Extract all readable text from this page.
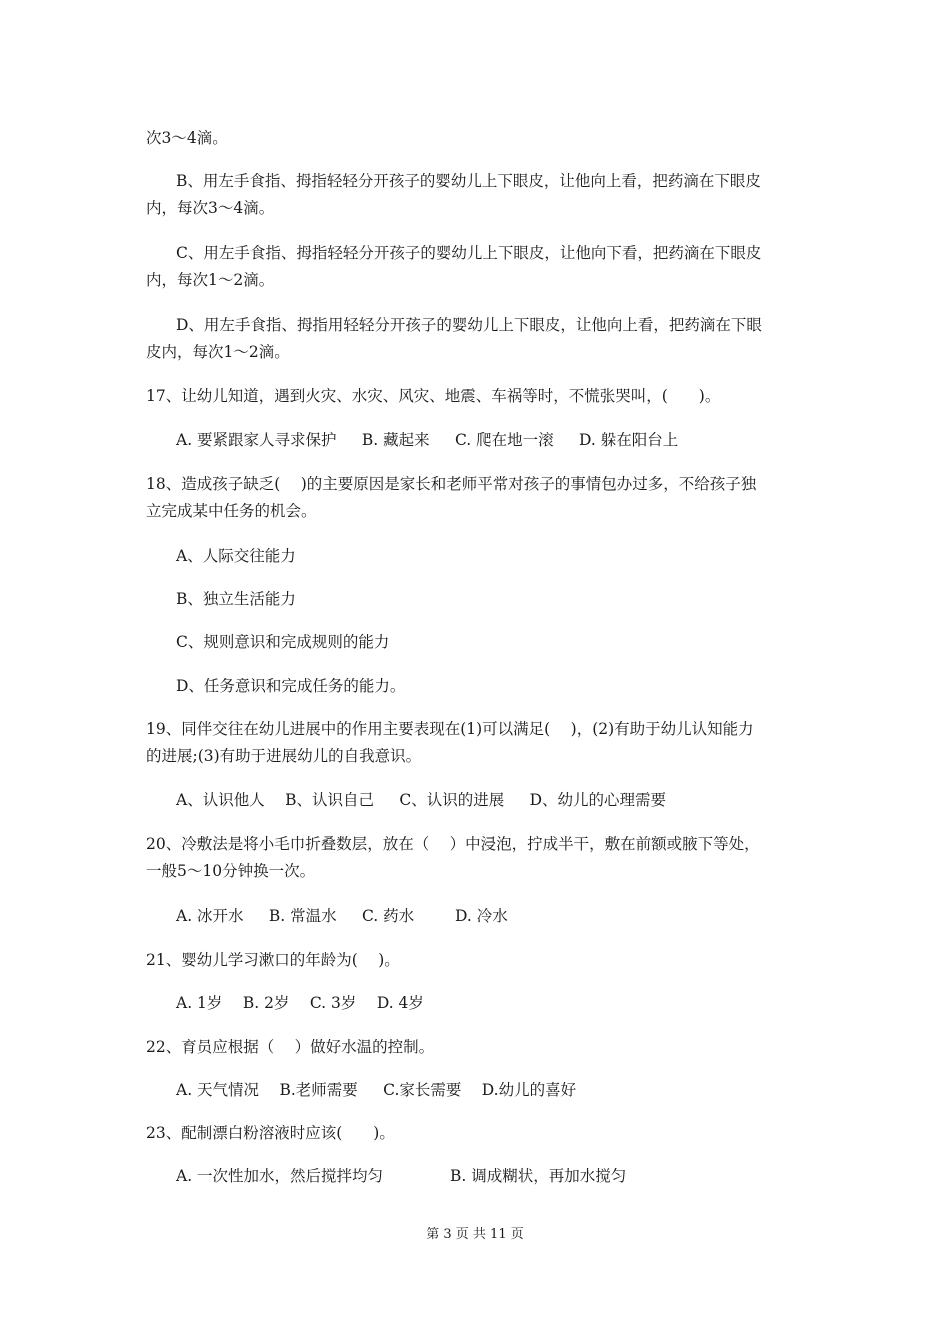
次3～4滴。

B、用左手食指、拇指轻轻分开孩子的婴幼儿上下眼皮，让他向上看，把药滴在下眼皮

内，每次3～4滴。

C、用左手食指、拇指轻轻分开孩子的婴幼儿上下眼皮，让他向下看，把药滴在下眼皮

内，每次1～2滴。

D、用左手食指、拇指用轻轻分开孩子的婴幼儿上下眼皮，让他向上看，把药滴在下眼

皮内，每次1～2滴。

17、让幼儿知道，遇到火灾、水灾、风灾、地震、车祸等时，不慌张哭叫，(　　)。

A. 要紧跟家人寻求保护　  B. 藏起来　  C. 爬在地一滚　  D. 躲在阳台上

18、造成孩子缺乏(　 )的主要原因是家长和老师平常对孩子的事情包办过多，不给孩子独

立完成某中任务的机会。

A、人际交往能力

B、独立生活能力

C、规则意识和完成规则的能力

D、任务意识和完成任务的能力。

19、同伴交往在幼儿进展中的作用主要表现在(1)可以满足(　 )，(2)有助于幼儿认知能力

的进展;(3)有助于进展幼儿的自我意识。

A、认识他人　 B、认识自己　  C、认识的进展　  D、幼儿的心理需要

20、冷敷法是将小毛巾折叠数层，放在（　 ）中浸泡，拧成半干，敷在前额或腋下等处，

一般5～10分钟换一次。

A. 冰开水　  B. 常温水　  C. 药水　　  D. 冷水

21、婴幼儿学习漱口的年龄为(　 )。

A. 1岁　 B. 2岁　 C. 3岁　 D. 4岁

22、育员应根据（　 ）做好水温的控制。

A. 天气情况　 B.老师需要　  C.家长需要　 D.幼儿的喜好

23、配制漂白粉溶液时应该(　　)。

A. 一次性加水，然后搅拌均匀　　　　 B. 调成糊状，再加水搅匀

第 3 页 共 11 页
